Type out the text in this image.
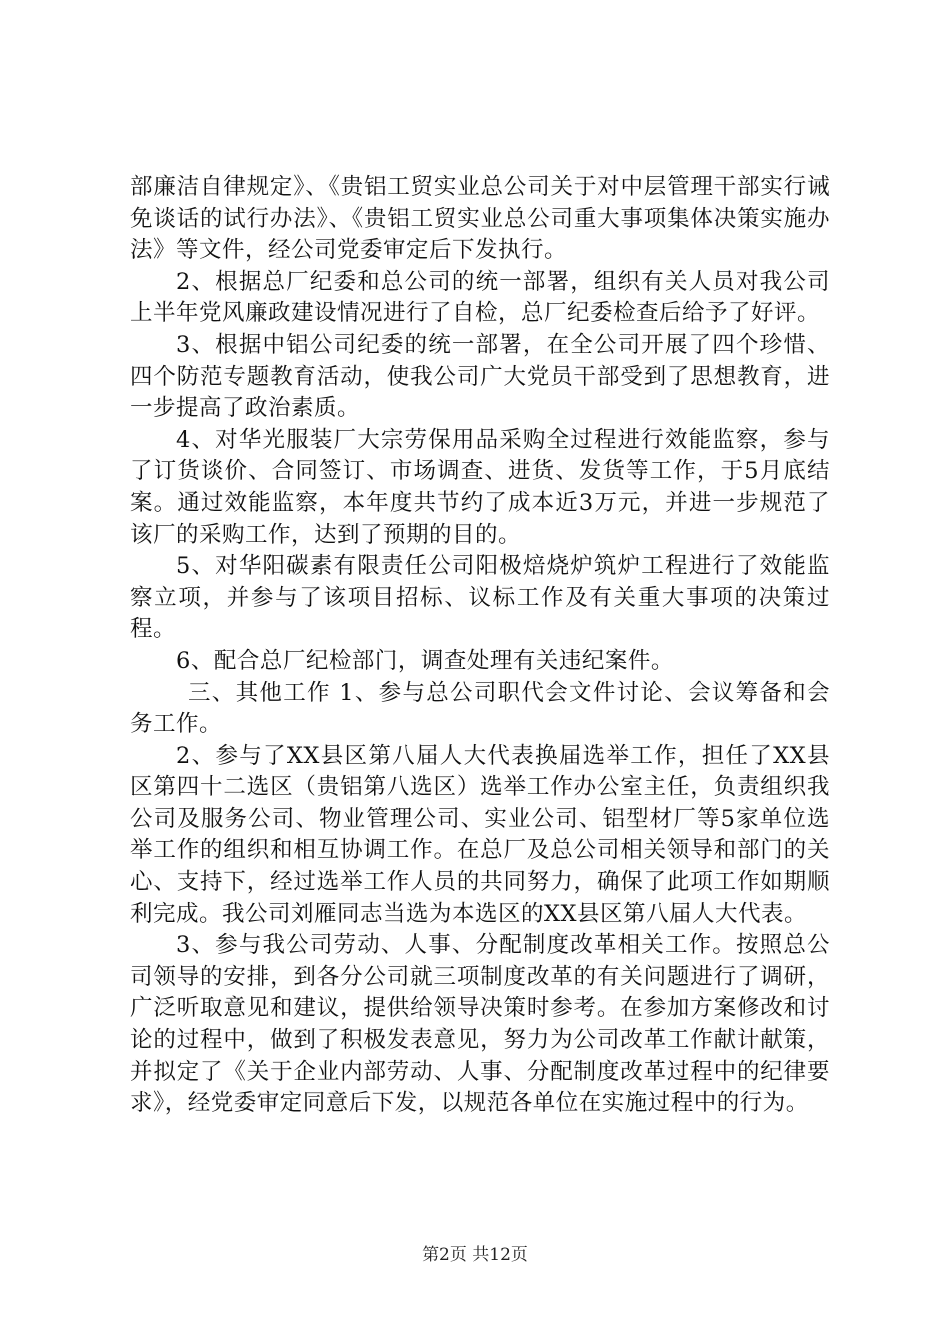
部廉洁自律规定》、《贵铝工贸实业总公司关于对中层管理干部实行诫免谈话的试行办法》、《贵铝工贸实业总公司重大事项集体决策实施办法》等文件，经公司党委审定后下发执行。

2、根据总厂纪委和总公司的统一部署，组织有关人员对我公司上半年党风廉政建设情况进行了自检，总厂纪委检查后给予了好评。

3、根据中铝公司纪委的统一部署，在全公司开展了四个珍惜、四个防范专题教育活动，使我公司广大党员干部受到了思想教育，进一步提高了政治素质。

4、对华光服装厂大宗劳保用品采购全过程进行效能监察，参与了订货谈价、合同签订、市场调查、进货、发货等工作，于5月底结案。通过效能监察，本年度共节约了成本近3万元，并进一步规范了该厂的采购工作，达到了预期的目的。

5、对华阳碳素有限责任公司阳极焙烧炉筑炉工程进行了效能监察立项，并参与了该项目招标、议标工作及有关重大事项的决策过程。

6、配合总厂纪检部门，调查处理有关违纪案件。

三、其他工作 1、参与总公司职代会文件讨论、会议筹备和会务工作。

2、参与了XX县区第八届人大代表换届选举工作，担任了XX县区第四十二选区（贵铝第八选区）选举工作办公室主任，负责组织我公司及服务公司、物业管理公司、实业公司、铝型材厂等5家单位选举工作的组织和相互协调工作。在总厂及总公司相关领导和部门的关心、支持下，经过选举工作人员的共同努力，确保了此项工作如期顺利完成。我公司刘雁同志当选为本选区的XX县区第八届人大代表。

3、参与我公司劳动、人事、分配制度改革相关工作。按照总公司领导的安排，到各分公司就三项制度改革的有关问题进行了调研，广泛听取意见和建议，提供给领导决策时参考。在参加方案修改和讨论的过程中，做到了积极发表意见，努力为公司改革工作献计献策，并拟定了《关于企业内部劳动、人事、分配制度改革过程中的纪律要求》，经党委审定同意后下发，以规范各单位在实施过程中的行为。

第2页 共12页
